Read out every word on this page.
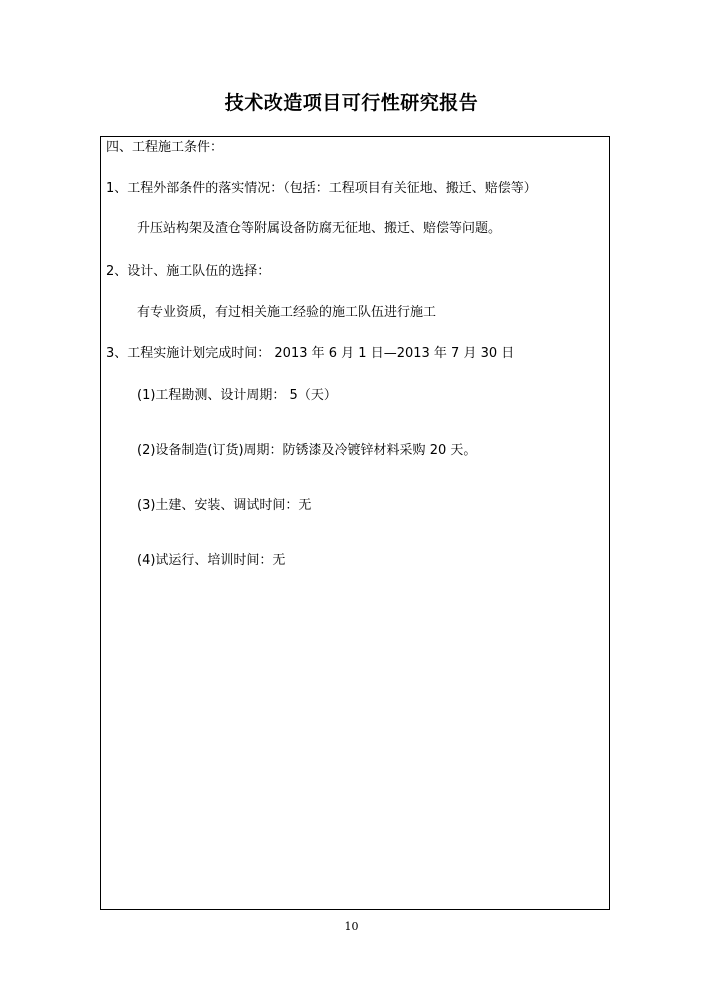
技术改造项目可行性研究报告
四、工程施工条件：
1、工程外部条件的落实情况：（包括：工程项目有关征地、搬迁、赔偿等）
升压站构架及渣仓等附属设备防腐无征地、搬迁、赔偿等问题。
2、设计、施工队伍的选择：
有专业资质，有过相关施工经验的施工队伍进行施工
3、工程实施计划完成时间： 2013 年 6 月 1 日—2013 年 7 月 30 日
(1)工程勘测、设计周期： 5（天）
(2)设备制造(订货)周期：防锈漆及冷镀锌材料采购 20 天。
(3)土建、安装、调试时间：无
(4)试运行、培训时间：无
10
